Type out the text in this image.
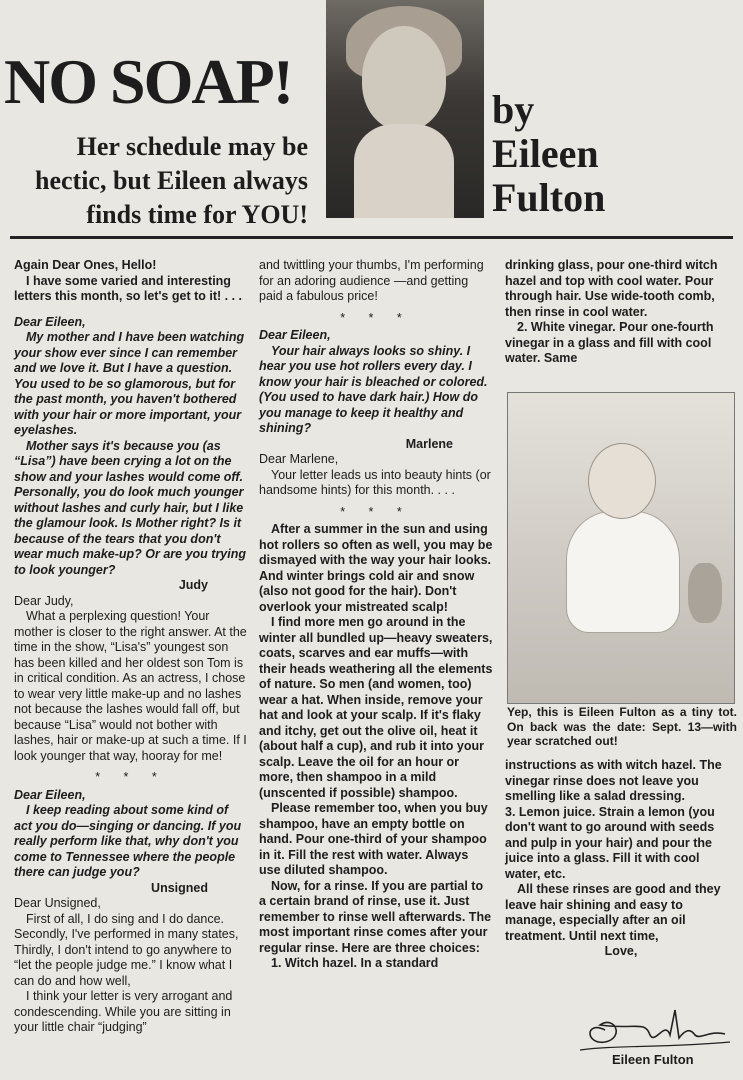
NO SOAP!
Her schedule may be hectic, but Eileen always finds time for YOU!
by
Eileen
Fulton

Again Dear Ones, Hello!

I have some varied and interesting letters this month, so let's get to it! . . .

Dear Eileen,

My mother and I have been watching your show ever since I can remember and we love it. But I have a question. You used to be so glamorous, but for the past month, you haven't bothered with your hair or more important, your eyelashes.

Mother says it's because you (as “Lisa”) have been crying a lot on the show and your lashes would come off. Personally, you do look much younger without lashes and curly hair, but I like the glamour look. Is Mother right? Is it because of the tears that you don't wear much make-up? Or are you trying to look younger?

Judy

Dear Judy,

What a perplexing question! Your mother is closer to the right answer. At the time in the show, “Lisa's” youngest son has been killed and her oldest son Tom is in critical condition. As an actress, I chose to wear very little make-up and no lashes not because the lashes would fall off, but because “Lisa” would not bother with lashes, hair or make-up at such a time. If I look younger that way, hooray for me!

* * *

Dear Eileen,

I keep reading about some kind of act you do—singing or dancing. If you really perform like that, why don't you come to Tennessee where the people there can judge you?

Unsigned

Dear Unsigned,

First of all, I do sing and I do dance. Secondly, I've performed in many states, Thirdly, I don't intend to go anywhere to “let the people judge me.” I know what I can do and how well,

I think your letter is very arrogant and condescending. While you are sitting in your little chair “judging”

and twittling your thumbs, I'm performing for an adoring audience —and getting paid a fabulous price!

* * *

Dear Eileen,

Your hair always looks so shiny. I hear you use hot rollers every day. I know your hair is bleached or colored. (You used to have dark hair.) How do you manage to keep it healthy and shining?

Marlene

Dear Marlene,

Your letter leads us into beauty hints (or handsome hints) for this month. . . .

* * *

After a summer in the sun and using hot rollers so often as well, you may be dismayed with the way your hair looks. And winter brings cold air and snow (also not good for the hair). Don't overlook your mistreated scalp!

I find more men go around in the winter all bundled up—heavy sweaters, coats, scarves and ear muffs—with their heads weathering all the elements of nature. So men (and women, too) wear a hat. When inside, remove your hat and look at your scalp. If it's flaky and itchy, get out the olive oil, heat it (about half a cup), and rub it into your scalp. Leave the oil for an hour or more, then shampoo in a mild (unscented if possible) shampoo.

Please remember too, when you buy shampoo, have an empty bottle on hand. Pour one-third of your shampoo in it. Fill the rest with water. Always use diluted shampoo.

Now, for a rinse. If you are partial to a certain brand of rinse, use it. Just remember to rinse well afterwards. The most important rinse comes after your regular rinse. Here are three choices:

1. Witch hazel. In a standard

drinking glass, pour one-third witch hazel and top with cool water. Pour through hair. Use wide-tooth comb, then rinse in cool water.

2. White vinegar. Pour one-fourth vinegar in a glass and fill with cool water. Same

Yep, this is Eileen Fulton as a tiny tot. On back was the date: Sept. 13—with year scratched out!

instructions as with witch hazel. The vinegar rinse does not leave you smelling like a salad dressing.

3. Lemon juice. Strain a lemon (you don't want to go around with seeds and pulp in your hair) and pour the juice into a glass. Fill it with cool water, etc.

All these rinses are good and they leave hair shining and easy to manage, especially after an oil treatment. Until next time,

Love,

Eileen Fulton
